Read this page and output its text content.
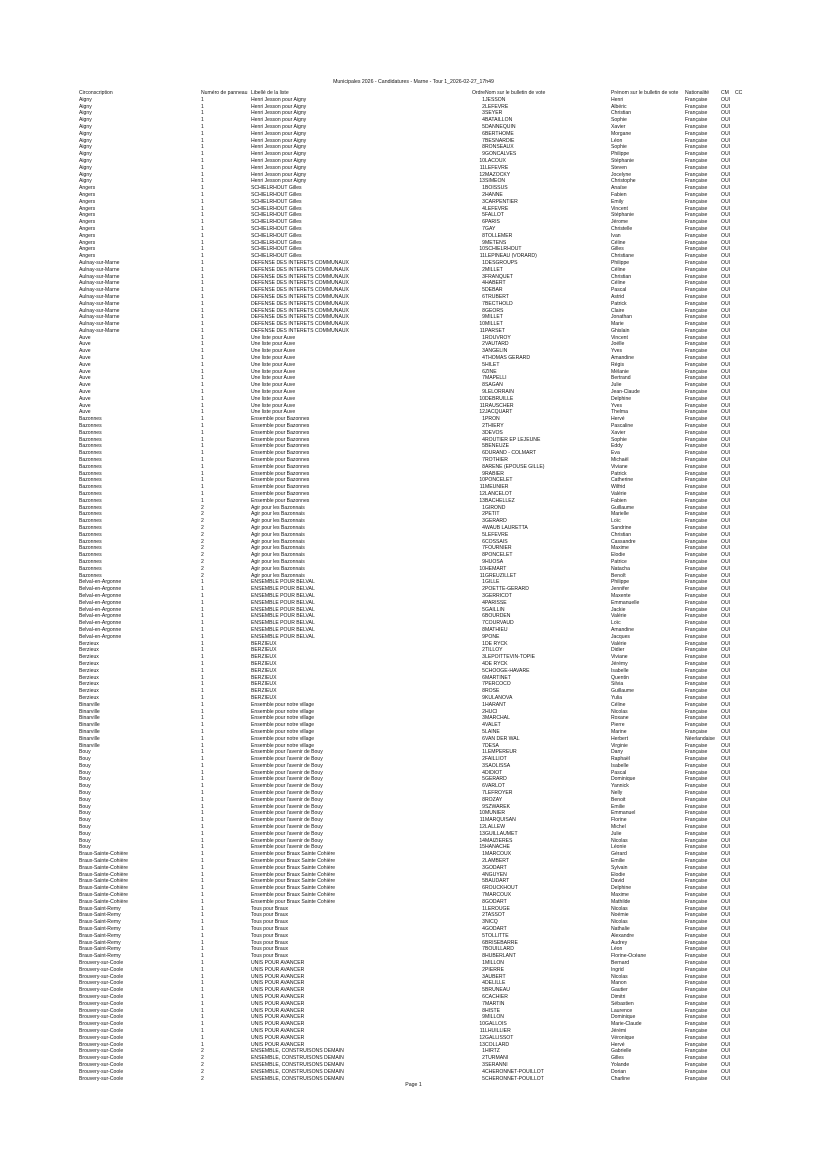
Municipales 2026 - Candidatures - Marne - Tour 1_2026-02-27_17h49
Circonscription	Numéro de panneau Libellé de la liste	Ordre Nom sur le bulletin de vote	Prénom sur le bulletin de vote	Nationalité	CM	CC
Aigny	1	Henri Jesson pour Aigny	1 JESSON	Henri	Française	OUI
Aigny	1	Henri Jesson pour Aigny	2 LEFEVRE	Albéric	Française	OUI
Aigny	1	Henri Jesson pour Aigny	3 SEYER	Christian	Française	OUI
Aigny	1	Henri Jesson pour Aigny	4 BATAILLON	Sophie	Française	OUI
Aigny	1	Henri Jesson pour Aigny	5 DANNEQUIN	Xavier	Française	OUI
Aigny	1	Henri Jesson pour Aigny	6 BERTHOME	Morgane	Française	OUI
Aigny	1	Henri Jesson pour Aigny	7 BESNARDIE	Léon	Française	OUI
Aigny	1	Henri Jesson pour Aigny	8 RONSEAUX	Sophie	Française	OUI
Aigny	1	Henri Jesson pour Aigny	9 GONCALVES	Philippe	Française	OUI
Aigny	1	Henri Jesson pour Aigny	10 LACOUX	Stéphanie	Française	OUI
Aigny	1	Henri Jesson pour Aigny	11 LEFEVRE	Steven	Française	OUI
Aigny	1	Henri Jesson pour Aigny	12 MAZOCKY	Jocelyne	Française	OUI
Aigny	1	Henri Jesson pour Aigny	13 SIMEON	Christophe	Française	OUI
Angers	1	SCHIELRHOUT Gilles	1 BOISSUS	Anaïse	Française	OUI
Angers	1	SCHIELRHOUT Gilles	2 HANNE	Fabien	Française	OUI
Angers	1	SCHIELRHOUT Gilles	3 CARPENTIER	Emily	Française	OUI
Angers	1	SCHIELRHOUT Gilles	4 LEFEVRE	Vincent	Française	OUI
Angers	1	SCHIELRHOUT Gilles	5 FALLOT	Stéphanie	Française	OUI
Angers	1	SCHIELRHOUT Gilles	6 PARIS	Jérome	Française	OUI
Angers	1	SCHIELRHOUT Gilles	7 GAY	Christelle	Française	OUI
Angers	1	SCHIELRHOUT Gilles	8 TOLLEMER	Ivan	Française	OUI
Angers	1	SCHIELRHOUT Gilles	9 METENS	Céline	Française	OUI
Angers	1	SCHIELRHOUT Gilles	10 SCHIELRHOUT	Gilles	Française	OUI
Angers	1	SCHIELRHOUT Gilles	11 LEPINEAU (VORARD)	Christiane	Française	OUI
Aulnay-sur-Marne	1	DEFENSE DES INTERETS COMMUNAUX	1 DESGROUPS	Philippe	Française	OUI
Aulnay-sur-Marne	1	DEFENSE DES INTERETS COMMUNAUX	2 MILLET	Céline	Française	OUI
Aulnay-sur-Marne	1	DEFENSE DES INTERETS COMMUNAUX	3 FRANQUET	Christian	Française	OUI
Aulnay-sur-Marne	1	DEFENSE DES INTERETS COMMUNAUX	4 HABERT	Céline	Française	OUI
Aulnay-sur-Marne	1	DEFENSE DES INTERETS COMMUNAUX	5 DEBAR	Pascal	Française	OUI
Aulnay-sur-Marne	1	DEFENSE DES INTERETS COMMUNAUX	6 TRUBERT	Astrid	Française	OUI
Aulnay-sur-Marne	1	DEFENSE DES INTERETS COMMUNAUX	7 BECTHOLD	Patrick	Française	OUI
Aulnay-sur-Marne	1	DEFENSE DES INTERETS COMMUNAUX	8 GEORS	Claire	Française	OUI
Aulnay-sur-Marne	1	DEFENSE DES INTERETS COMMUNAUX	9 MILLET	Jonathan	Française	OUI
Aulnay-sur-Marne	1	DEFENSE DES INTERETS COMMUNAUX	10 MILLET	Marie	Française	OUI
Aulnay-sur-Marne	1	DEFENSE DES INTERETS COMMUNAUX	11 PARSET	Ghislain	Française	OUI
Auve	1	Une liste pour Auve	1 ROUVROY	Vincent	Française	OUI
Auve	1	Une liste pour Auve	2 VAUTARD	Joëlle	Française	OUI
Auve	1	Une liste pour Auve	3 ANGELIN	Yves	Française	OUI
Auve	1	Une liste pour Auve	4 THOMAS GERARD	Amandine	Française	OUI
Auve	1	Une liste pour Auve	5 HILET	Régis	Française	OUI
Auve	1	Une liste pour Auve	6 ZINE	Mélanie	Française	OUI
Auve	1	Une liste pour Auve	7 MAPELLI	Bertrand	Française	OUI
Auve	1	Une liste pour Auve	8 SAGAN	Julie	Française	OUI
Auve	1	Une liste pour Auve	9 LELORRAIN	Jean-Claude	Française	OUI
Auve	1	Une liste pour Auve	10 DEBRUILLE	Delphine	Française	OUI
Auve	1	Une liste pour Auve	11 RAUSCHER	Yves	Française	OUI
Auve	1	Une liste pour Auve	12 JACQUART	Thelma	Française	OUI
Bazonnes	1	Ensemble pour Bazonnes	1 PRON	Hervé	Française	OUI
Bazonnes	1	Ensemble pour Bazonnes	2 THIERY	Pascaline	Française	OUI
Bazonnes	1	Ensemble pour Bazonnes	3 DEVOS	Xavier	Française	OUI
Bazonnes	1	Ensemble pour Bazonnes	4 ROUTIER EP LEJEUNE	Sophie	Française	OUI
Bazonnes	1	Ensemble pour Bazonnes	5 BENEUZE	Eddy	Française	OUI
Bazonnes	1	Ensemble pour Bazonnes	6 DURAND - COLMART	Eva	Française	OUI
Bazonnes	1	Ensemble pour Bazonnes	7 ROTHIER	Michaël	Française	OUI
Bazonnes	1	Ensemble pour Bazonnes	8 ARENE (EPOUSE GILLE)	Viviane	Française	OUI
Bazonnes	1	Ensemble pour Bazonnes	9 RABIER	Patrick	Française	OUI
Bazonnes	1	Ensemble pour Bazonnes	10 PONCELET	Catherine	Française	OUI
Bazonnes	1	Ensemble pour Bazonnes	11 MEUNIER	Wilfrid	Française	OUI
Bazonnes	1	Ensemble pour Bazonnes	12 LANCELOT	Valérie	Française	OUI
Bazonnes	1	Ensemble pour Bazonnes	13 BACHELLEZ	Fabien	Française	OUI
Bazonnes	2	Agir pour les Bazonnais	1 GIROND	Guillaume	Française	OUI
Bazonnes	2	Agir pour les Bazonnais	2 PETIT	Marielle	Française	OUI
Bazonnes	2	Agir pour les Bazonnais	3 GERARD	Loïc	Française	OUI
Bazonnes	2	Agir pour les Bazonnais	4 WAUB LAURETTA	Sandrine	Française	OUI
Bazonnes	2	Agir pour les Bazonnais	5 LEFEVRE	Christian	Française	OUI
Bazonnes	2	Agir pour les Bazonnais	6 COSSAIS	Cassandre	Française	OUI
Bazonnes	2	Agir pour les Bazonnais	7 FOURNIER	Maxime	Française	OUI
Bazonnes	2	Agir pour les Bazonnais	8 PONCELET	Elodie	Française	OUI
Bazonnes	2	Agir pour les Bazonnais	9 HUOSA	Patrice	Française	OUI
Bazonnes	2	Agir pour les Bazonnais	10 HEMART	Natacha	Française	OUI
Bazonnes	2	Agir pour les Bazonnais	11 GREUZILLET	Benoît	Française	OUI
Belval-en-Argonne	1	ENSEMBLE POUR BELVAL	1 GILLE	Philippe	Française	OUI
Belval-en-Argonne	1	ENSEMBLE POUR BELVAL	2 POETTE-GERARD	Jennifer	Française	OUI
Belval-en-Argonne	1	ENSEMBLE POUR BELVAL	3 GERRICOT	Maxente	Française	OUI
Belval-en-Argonne	1	ENSEMBLE POUR BELVAL	4 PARISSE	Emmanuelle	Française	OUI
Belval-en-Argonne	1	ENSEMBLE POUR BELVAL	5 GAILLIN	Jackie	Française	OUI
Belval-en-Argonne	1	ENSEMBLE POUR BELVAL	6 BOURDEN	Valérie	Française	OUI
Belval-en-Argonne	1	ENSEMBLE POUR BELVAL	7 COURVAUD	Loïc	Française	OUI
Belval-en-Argonne	1	ENSEMBLE POUR BELVAL	8 MATHIEU	Amandine	Française	OUI
Belval-en-Argonne	1	ENSEMBLE POUR BELVAL	9 PONE	Jacques	Française	OUI
Berzieux	1	BERZIEUX	1 DE RYCK	Valérie	Française	OUI
Berzieux	1	BERZIEUX	2 TILLOY	Didier	Française	OUI
Berzieux	1	BERZIEUX	3 LEPOITTEVIN-TOPIE	Viviane	Française	OUI
Berzieux	1	BERZIEUX	4 DE RYCK	Jérémy	Française	OUI
Berzieux	1	BERZIEUX	5 CHOOGE-HAVARE	Isabelle	Française	OUI
Berzieux	1	BERZIEUX	6 MARTINET	Quentin	Française	OUI
Berzieux	1	BERZIEUX	7 PERCOCO	Silvia	Française	OUI
Berzieux	1	BERZIEUX	8 ROSE	Guillaume	Française	OUI
Berzieux	1	BERZIEUX	9 KULANOVA	Yulia	Française	OUI
Binarville	1	Ensemble pour notre village	1 HARANT	Céline	Française	OUI
Binarville	1	Ensemble pour notre village	2 HUCI	Nicolas	Française	OUI
Binarville	1	Ensemble pour notre village	3 MARCHAL	Roxane	Française	OUI
Binarville	1	Ensemble pour notre village	4 VALET	Pierre	Française	OUI
Binarville	1	Ensemble pour notre village	5 LAINE	Marine	Française	OUI
Binarville	1	Ensemble pour notre village	6 VAN DER WAL	Herbert	Néerlandaise	OUI
Binarville	1	Ensemble pour notre village	7 DESA	Virginie	Française	OUI
Bouy	1	Ensemble pour l'avenir de Bouy	1 LEMPEREUR	Dany	Française	OUI
Bouy	1	Ensemble pour l'avenir de Bouy	2 FAILLIOT	Raphaël	Française	OUI
Bouy	1	Ensemble pour l'avenir de Bouy	3 SAOLISSA	Isabelle	Française	OUI
Bouy	1	Ensemble pour l'avenir de Bouy	4 DIDIOT	Pascal	Française	OUI
Bouy	1	Ensemble pour l'avenir de Bouy	5 GERARD	Dominique	Française	OUI
Bouy	1	Ensemble pour l'avenir de Bouy	6 VARLOT	Yannick	Française	OUI
Bouy	1	Ensemble pour l'avenir de Bouy	7 LEFROYER	Nelly	Française	OUI
Bouy	1	Ensemble pour l'avenir de Bouy	8 ROZAY	Benoit	Française	OUI
Bouy	1	Ensemble pour l'avenir de Bouy	9 SZWAREK	Emilie	Française	OUI
Bouy	1	Ensemble pour l'avenir de Bouy	10 MUNIER	Emmanuel	Française	OUI
Bouy	1	Ensemble pour l'avenir de Bouy	11 MARQUISAN	Florine	Française	OUI
Bouy	1	Ensemble pour l'avenir de Bouy	12 LALLEW	Michel	Française	OUI
Bouy	1	Ensemble pour l'avenir de Bouy	13 GUILLAUMET	Julie	Française	OUI
Bouy	1	Ensemble pour l'avenir de Bouy	14 MAIZIERES	Nicolas	Française	OUI
Bouy	1	Ensemble pour l'avenir de Bouy	15 HANACHE	Léonie	Française	OUI
Braux-Sainte-Cohière	1	Ensemble pour Braux Sainte Cohière	1 MARCOUX	Gérard	Française	OUI
Braux-Sainte-Cohière	1	Ensemble pour Braux Sainte Cohière	2 LAMBERT	Emilie	Française	OUI
Braux-Sainte-Cohière	1	Ensemble pour Braux Sainte Cohière	3 GODART	Sylvain	Française	OUI
Braux-Sainte-Cohière	1	Ensemble pour Braux Sainte Cohière	4 NGUYEN	Elodie	Française	OUI
Braux-Sainte-Cohière	1	Ensemble pour Braux Sainte Cohière	5 BAUDART	David	Française	OUI
Braux-Sainte-Cohière	1	Ensemble pour Braux Sainte Cohière	6 ROUCKHOUT	Delphine	Française	OUI
Braux-Sainte-Cohière	1	Ensemble pour Braux Sainte Cohière	7 MARCOUX	Maxime	Française	OUI
Braux-Sainte-Cohière	1	Ensemble pour Braux Sainte Cohière	8 GODART	Mathilde	Française	OUI
Braux-Saint-Remy	1	Tous pour Braux	1 LEROUGE	Nicolas	Française	OUI
Braux-Saint-Remy	1	Tous pour Braux	2 TASSOT	Noémie	Française	OUI
Braux-Saint-Remy	1	Tous pour Braux	3 NICQ	Nicolas	Française	OUI
Braux-Saint-Remy	1	Tous pour Braux	4 GODART	Nathalie	Française	OUI
Braux-Saint-Remy	1	Tous pour Braux	5 TOLLITTE	Alexandre	Française	OUI
Braux-Saint-Remy	1	Tous pour Braux	6 BRISEBARRE	Audrey	Française	OUI
Braux-Saint-Remy	1	Tous pour Braux	7 BOUILLARD	Léon	Française	OUI
Braux-Saint-Remy	1	Tous pour Braux	8 HUBERLANT	Florine-Océane	Française	OUI
Brouvery-sur-Coole	1	UNIS POUR AVANCER	1 MILLON	Bernard	Française	OUI
Brouvery-sur-Coole	1	UNIS POUR AVANCER	2 PIERRE	Ingrid	Française	OUI
Brouvery-sur-Coole	1	UNIS POUR AVANCER	3 AUBERT	Nicolas	Française	OUI
Brouvery-sur-Coole	1	UNIS POUR AVANCER	4 DELILLE	Manon	Française	OUI
Brouvery-sur-Coole	1	UNIS POUR AVANCER	5 BRUNEAU	Gautier	Française	OUI
Brouvery-sur-Coole	1	UNIS POUR AVANCER	6 CACHIER	Dimitri	Française	OUI
Brouvery-sur-Coole	1	UNIS POUR AVANCER	7 MARTIN	Sébastien	Française	OUI
Brouvery-sur-Coole	1	UNIS POUR AVANCER	8 HISTE	Laurence	Française	OUI
Brouvery-sur-Coole	1	UNIS POUR AVANCER	9 MILLON	Dominique	Française	OUI
Brouvery-sur-Coole	1	UNIS POUR AVANCER	10 GALLOIS	Marie-Claude	Française	OUI
Brouvery-sur-Coole	1	UNIS POUR AVANCER	11 LHUILLIER	Jérémi	Française	OUI
Brouvery-sur-Coole	1	UNIS POUR AVANCER	12 GALLISSOT	Véronique	Française	OUI
Brouvery-sur-Coole	1	UNIS POUR AVANCER	13 COLLARD	Hervé	Française	OUI
Brouvery-sur-Coole	2	ENSEMBLE, CONSTRUISONS DEMAIN	1 HIRTZ	Gabrielle	Française	OUI
Brouvery-sur-Coole	2	ENSEMBLE, CONSTRUISONS DEMAIN	2 TURMANI	Gilles	Française	OUI
Brouvery-sur-Coole	2	ENSEMBLE, CONSTRUISONS DEMAIN	3 SERANNI	Yolande	Française	OUI
Brouvery-sur-Coole	2	ENSEMBLE, CONSTRUISONS DEMAIN	4 CHERONNET-POUILLOT	Dorian	Française	OUI
Brouvery-sur-Coole	2	ENSEMBLE, CONSTRUISONS DEMAIN	5 CHERONNET-POUILLOT	Charline	Française	OUI
Page 1
